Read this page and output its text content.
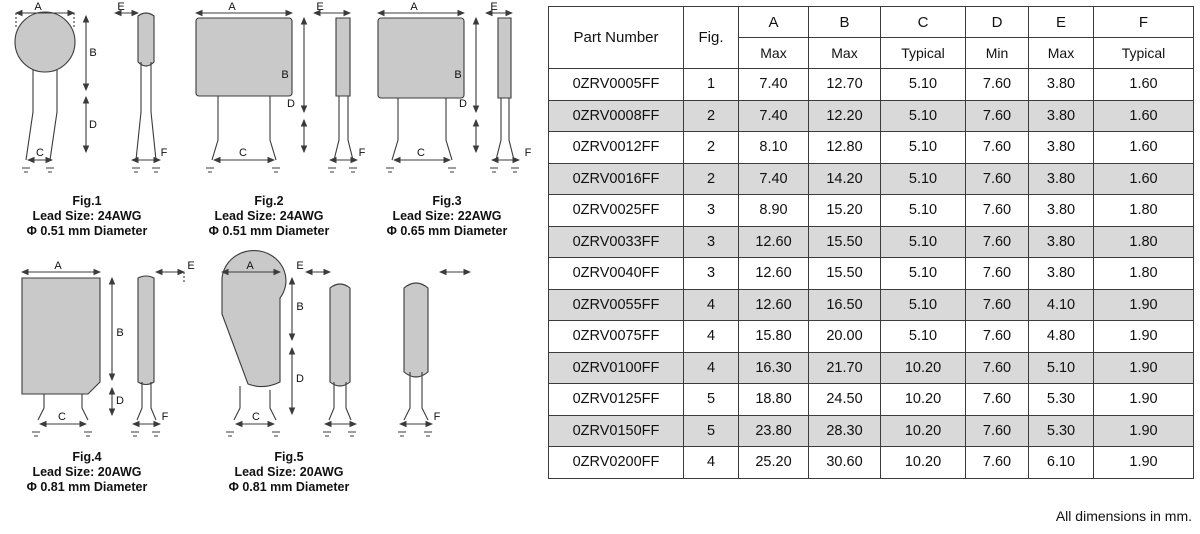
A
B
D
C
E
F
A
B
D
C
E
F
A
B
D
C
E
F
A
B
D
C
E
F
A
B
D
C
E
F
Fig.1
Lead Size: 24AWG
Φ 0.51 mm Diameter
Fig.2
Lead Size: 24AWG
Φ 0.51 mm Diameter
Fig.3
Lead Size: 22AWG
Φ 0.65 mm Diameter
Fig.4
Lead Size: 20AWG
Φ 0.81 mm Diameter
Fig.5
Lead Size: 20AWG
Φ 0.81 mm Diameter
Part Number	Fig.	A	B	C	D	E	F
		Max	Max	Typical	Min	Max	Typical
0ZRV0005FF	1	7.40	12.70	5.10	7.60	3.80	1.60
0ZRV0008FF	2	7.40	12.20	5.10	7.60	3.80	1.60
0ZRV0012FF	2	8.10	12.80	5.10	7.60	3.80	1.60
0ZRV0016FF	2	7.40	14.20	5.10	7.60	3.80	1.60
0ZRV0025FF	3	8.90	15.20	5.10	7.60	3.80	1.80
0ZRV0033FF	3	12.60	15.50	5.10	7.60	3.80	1.80
0ZRV0040FF	3	12.60	15.50	5.10	7.60	3.80	1.80
0ZRV0055FF	4	12.60	16.50	5.10	7.60	4.10	1.90
0ZRV0075FF	4	15.80	20.00	5.10	7.60	4.80	1.90
0ZRV0100FF	4	16.30	21.70	10.20	7.60	5.10	1.90
0ZRV0125FF	5	18.80	24.50	10.20	7.60	5.30	1.90
0ZRV0150FF	5	23.80	28.30	10.20	7.60	5.30	1.90
0ZRV0200FF	4	25.20	30.60	10.20	7.60	6.10	1.90
All dimensions in mm.
